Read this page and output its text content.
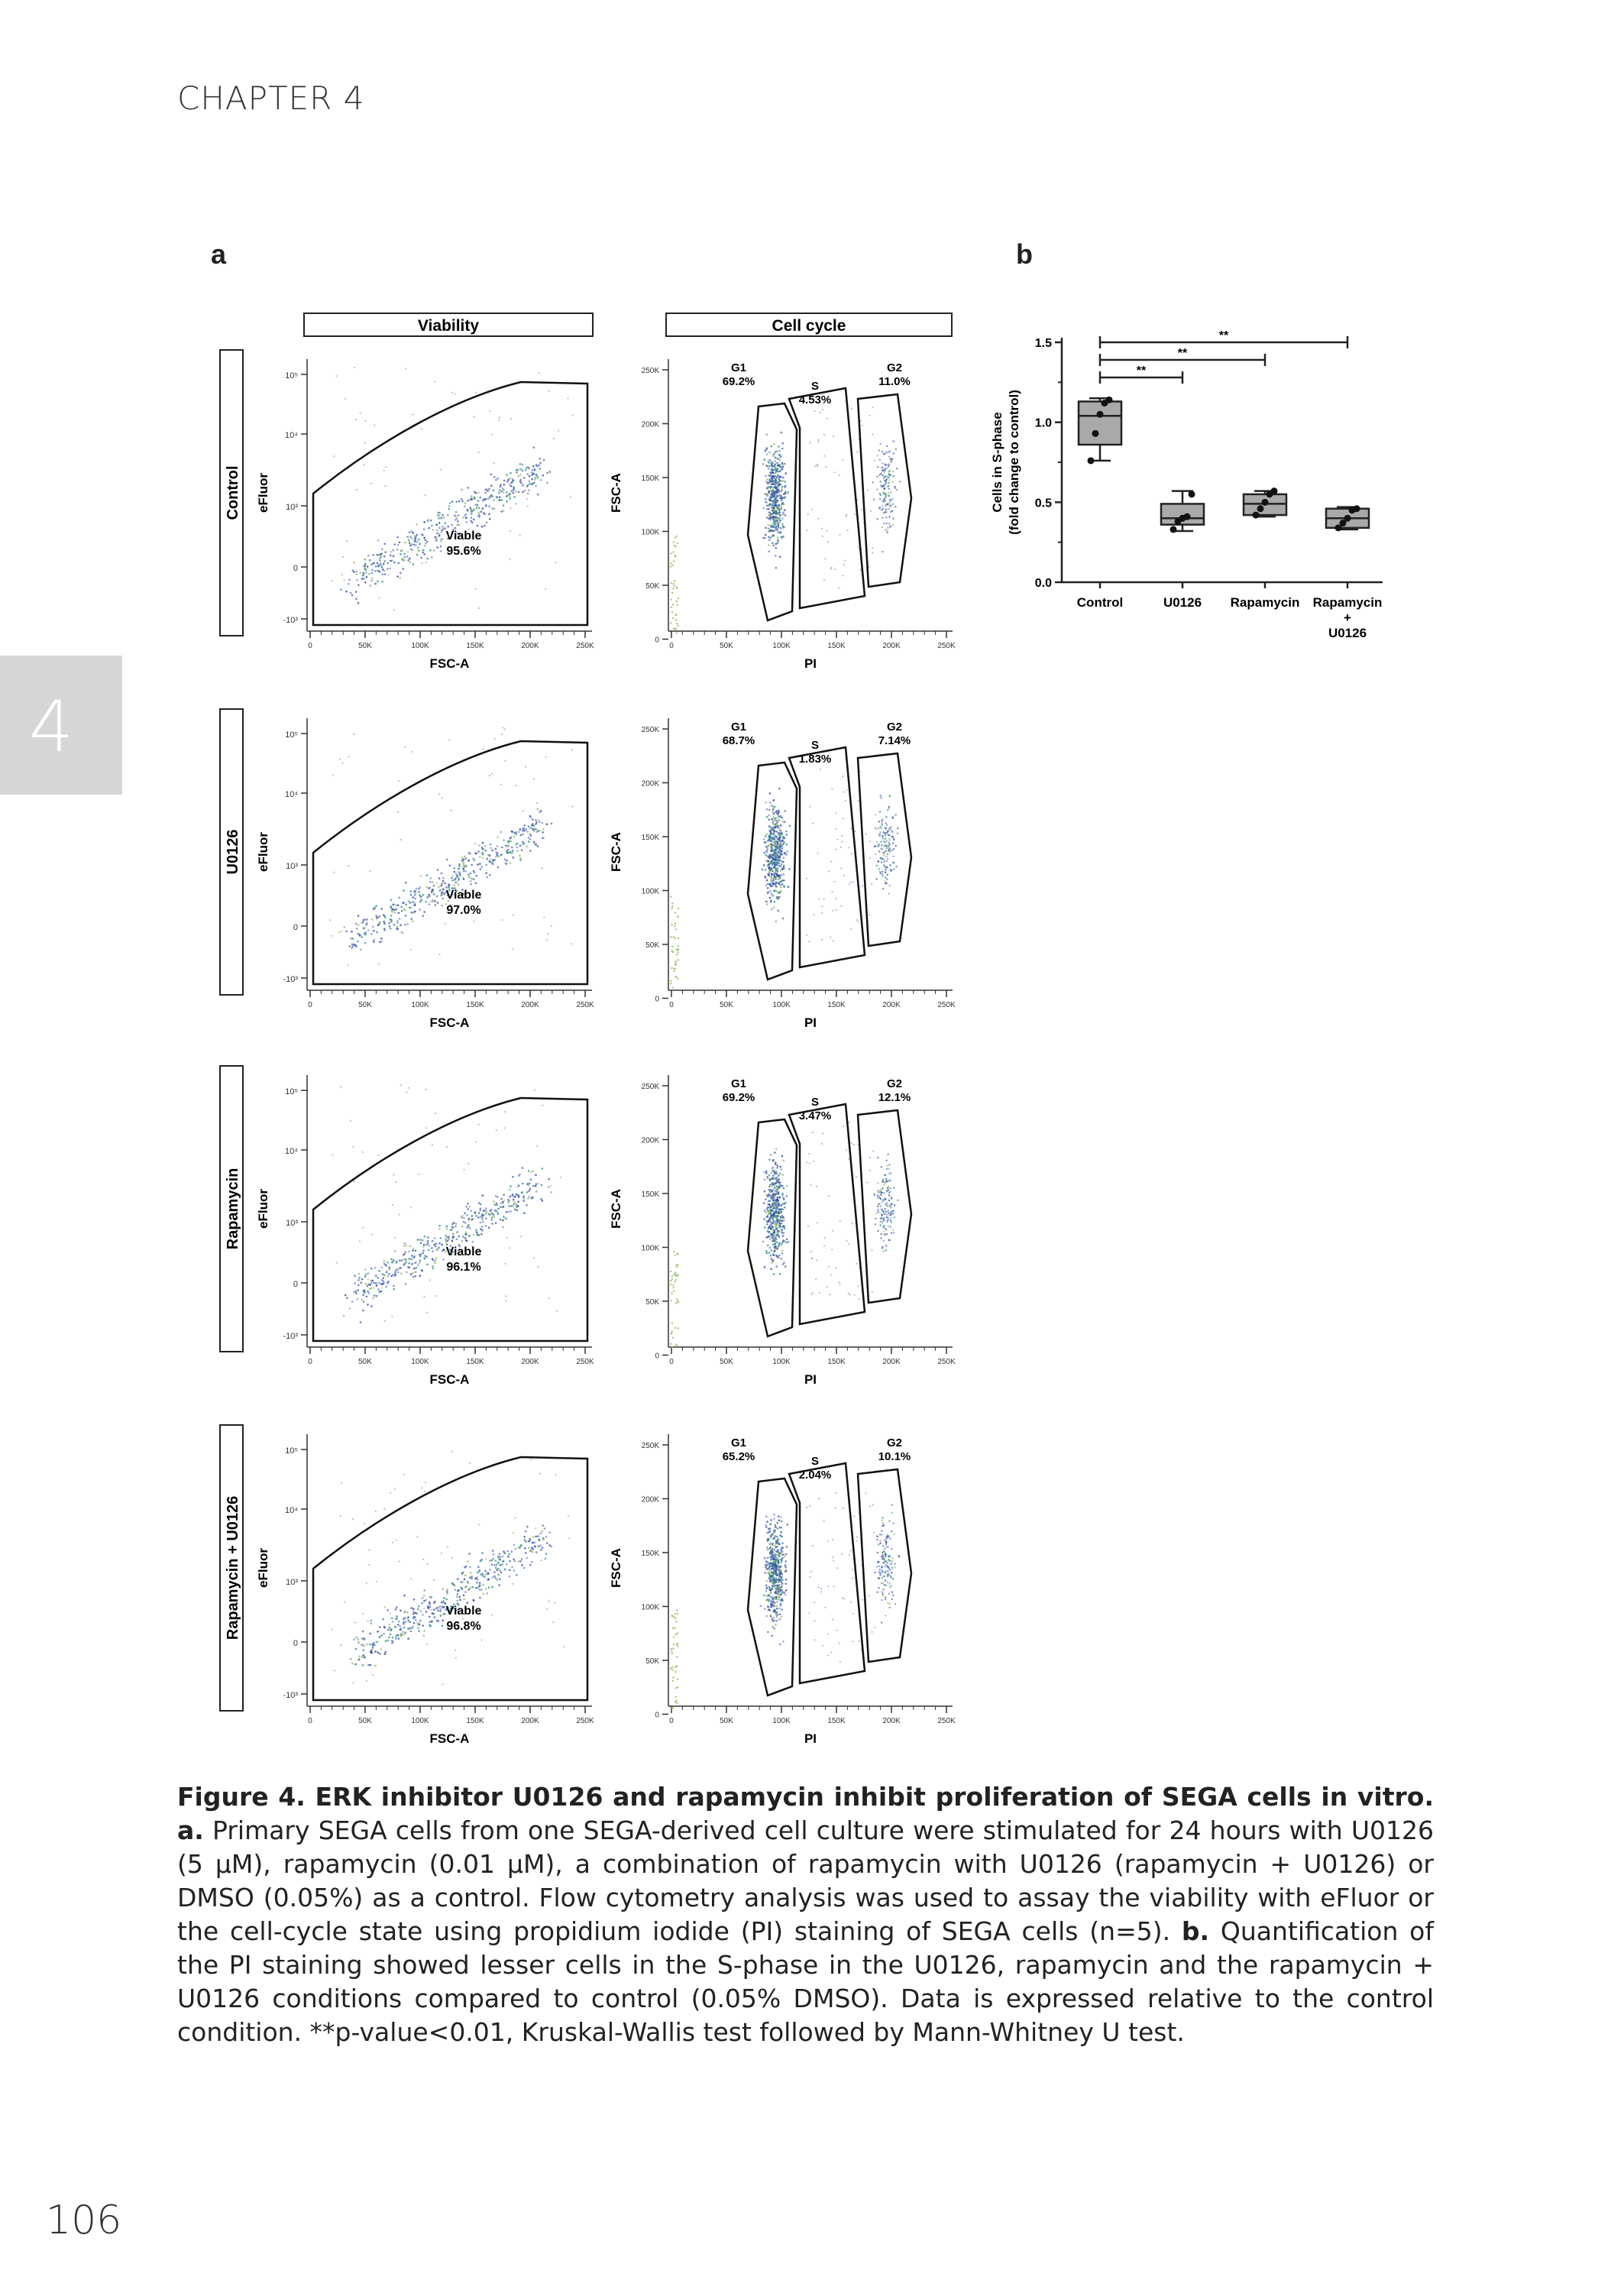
CHAPTER 4
4
a	b
Viability	Cell cycle
Control
10⁵
10⁴
10³
0
-10³
0	50K	100K	150K	200K	250K
FSC-A
eFluor
Viable
95.6%
250K
200K
150K
100K
50K
0
0	50K	100K	150K	200K	250K
PI
FSC-A
G1
69.2%	S
4.53%
G2
11.0%
U0126
10⁵
10⁴
10³
0
-10³
0	50K	100K	150K	200K	250K
FSC-A
eFluor
Viable
97.0%
250K
200K
150K
100K
50K
0
0	50K	100K	150K	200K	250K
PI
FSC-A
G1
68.7%	S
1.83%
G2
7.14%
Rapamycin
10⁵
10⁴
10³
0
-10³
0	50K	100K	150K	200K	250K
FSC-A
eFluor
Viable
96.1%
250K
200K
150K
100K
50K
0
0	50K	100K	150K	200K	250K
PI
FSC-A
G1
69.2%	S
3.47%
G2
12.1%
Rapamycin + U0126
10⁵
10⁴
10³
0
-10³
0	50K	100K	150K	200K	250K
FSC-A
eFluor
Viable
96.8%
250K
200K
150K
100K
50K
0
0	50K	100K	150K	200K	250K
PI
FSC-A
G1
65.2%	S
2.04%
G2
10.1%
0.0
0.5
1.0
1.5
Cells in S-phase (fold change to control)
Control	U0126 Rapamycin Rapamycin
+
U0126
**
**
**
Figure 4. ERK inhibitor U0126 and rapamycin inhibit proliferation of SEGA cells in vitro. a. Primary SEGA cells from one SEGA-derived cell culture were stimulated for 24 hours with U0126 (5 μM), rapamycin (0.01 μM), a combination of rapamycin with U0126 (rapamycin + U0126) or DMSO (0.05%) as a control. Flow cytometry analysis was used to assay the viability with eFluor or the cell-cycle state using propidium iodide (PI) staining of SEGA cells (n=5). b. Quantification of the PI staining showed lesser cells in the S-phase in the U0126, rapamycin and the rapamycin + U0126 conditions compared to control (0.05% DMSO). Data is expressed relative to the control condition. **p-value<0.01, Kruskal-Wallis test followed by Mann-Whitney U test.
106
